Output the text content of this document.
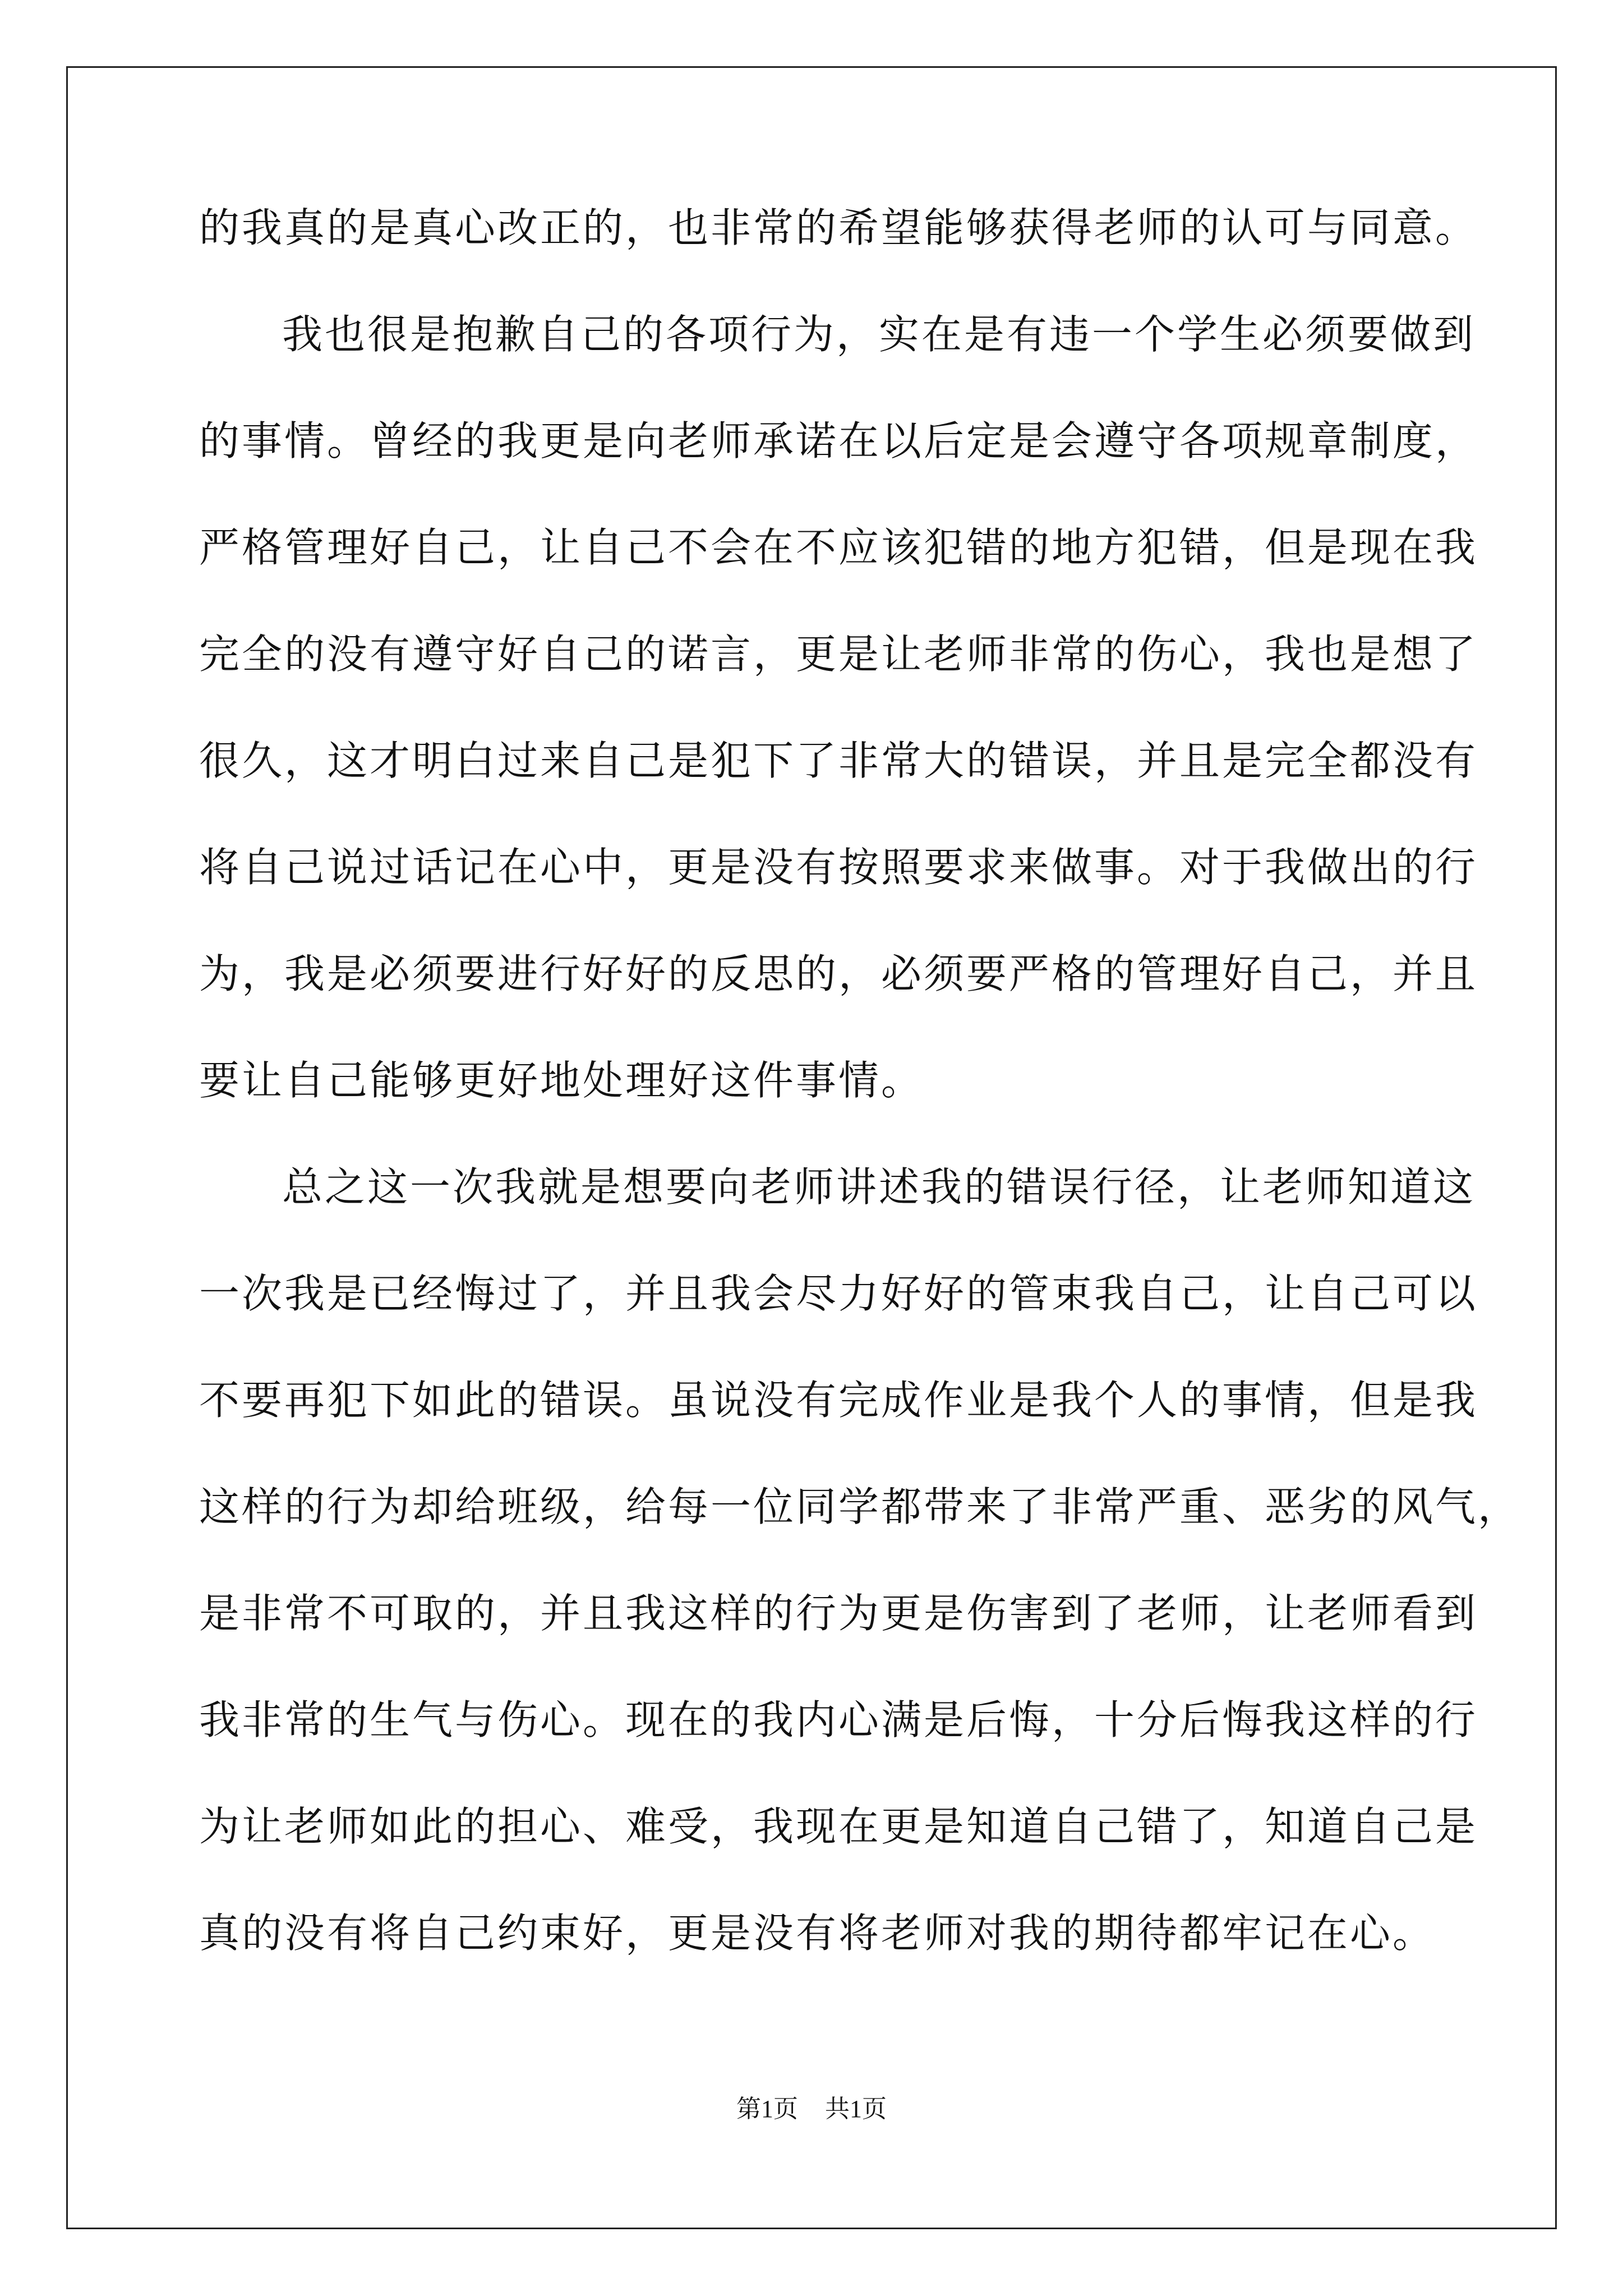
的我真的是真心改正的，也非常的希望能够获得老师的认可与同意。
我也很是抱歉自己的各项行为，实在是有违一个学生必须要做到
的事情。曾经的我更是向老师承诺在以后定是会遵守各项规章制度，
严格管理好自己，让自己不会在不应该犯错的地方犯错，但是现在我
完全的没有遵守好自己的诺言，更是让老师非常的伤心，我也是想了
很久，这才明白过来自己是犯下了非常大的错误，并且是完全都没有
将自己说过话记在心中，更是没有按照要求来做事。对于我做出的行
为，我是必须要进行好好的反思的，必须要严格的管理好自己，并且
要让自己能够更好地处理好这件事情。
总之这一次我就是想要向老师讲述我的错误行径，让老师知道这
一次我是已经悔过了，并且我会尽力好好的管束我自己，让自己可以
不要再犯下如此的错误。虽说没有完成作业是我个人的事情，但是我
这样的行为却给班级，给每一位同学都带来了非常严重、恶劣的风气，
是非常不可取的，并且我这样的行为更是伤害到了老师，让老师看到
我非常的生气与伤心。现在的我内心满是后悔，十分后悔我这样的行
为让老师如此的担心、难受，我现在更是知道自己错了，知道自己是
真的没有将自己约束好，更是没有将老师对我的期待都牢记在心。
第1页 共1页
